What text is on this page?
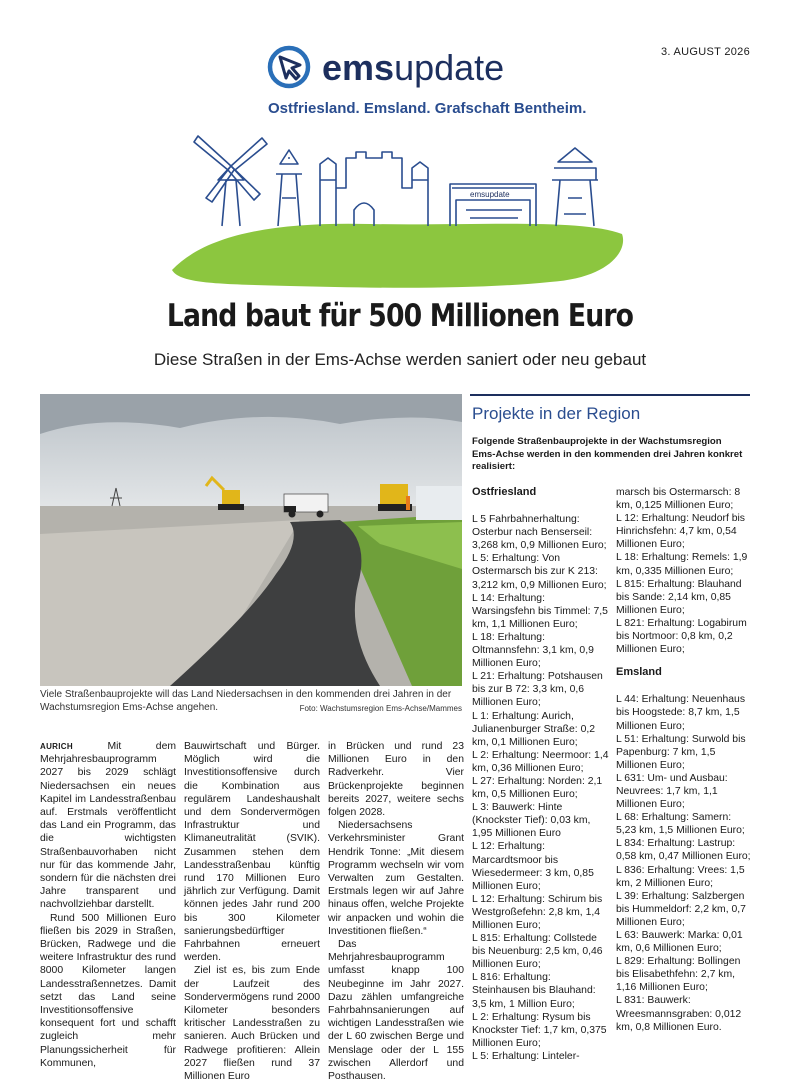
3. AUGUST 2026
emsupdate
Ostfriesland. Emsland. Grafschaft Bentheim.
emsupdate
Land baut für 500 Millionen Euro
Diese Straßen in der Ems-Achse werden saniert oder neu gebaut
Viele Straßenbauprojekte will das Land Niedersachsen in den kommenden drei Jahren in der Wachstumsregion Ems-Achse angehen.	Foto: Wachstumsregion Ems-Achse/Mammes

AURICH	Mit dem Mehrjahresbauprogramm 2027 bis 2029 schlägt Niedersachsen ein neues Kapitel im Landesstraßenbau auf. Erstmals veröffentlicht das Land ein Programm, das die wichtigsten Straßenbauvorhaben nicht nur für das kommende Jahr, sondern für die nächsten drei Jahre transparent und nachvollziehbar darstellt.

Rund 500 Millionen Euro fließen bis 2029 in Straßen, Brücken, Radwege und die weitere Infrastruktur des rund 8000 Kilometer langen Landesstraßennetzes. Damit setzt das Land seine Investitionsoffensive konsequent fort und schafft zugleich mehr Planungssicherheit für Kommunen,

Bauwirtschaft und Bürger. Möglich wird die Investitionsoffensive durch die Kombination aus regulärem Landeshaushalt und dem Sondervermögen Infrastruktur und Klimaneutralität (SVIK). Zusammen stehen dem Landesstraßenbau künftig rund 170 Millionen Euro jährlich zur Verfügung. Damit können jedes Jahr rund 200 bis 300 Kilometer sanierungsbedürftiger Fahrbahnen erneuert werden.

Ziel ist es, bis zum Ende der Laufzeit des Sondervermögens rund 2000 Kilometer besonders kritischer Landesstraßen zu sanieren. Auch Brücken und Radwege profitieren: Allein 2027 fließen rund 37 Millionen Euro

in Brücken und rund 23 Millionen Euro in den Radverkehr. Vier Brückenprojekte beginnen bereits 2027, weitere sechs folgen 2028.

Niedersachsens Verkehrsminister Grant Hendrik Tonne: „Mit diesem Programm wechseln wir vom Verwalten zum Gestalten. Erstmals legen wir auf Jahre hinaus offen, welche Projekte wir anpacken und wohin die Investitionen fließen.“

Das Mehrjahresbauprogramm umfasst knapp 100 Neubeginne im Jahr 2027. Dazu zählen umfangreiche Fahrbahnsanierungen auf wichtigen Landesstraßen wie der L 60 zwischen Berge und Menslage oder der L 155 zwischen Allerdorf und Posthausen.

Projekte in der Region
Folgende Straßenbauprojekte in der Wachstumsregion Ems-Achse werden in den kommenden drei Jahren konkret realisiert:
Ostfriesland
L 5 Fahrbahnerhaltung: Osterbur nach Benserseil: 3,268 km, 0,9 Millionen Euro;
L 5: Erhaltung: Von Ostermarsch bis zur K 213: 3,212 km, 0,9 Millionen Euro;
L 14: Erhaltung: Warsingsfehn bis Timmel: 7,5 km, 1,1 Millionen Euro;
L 18: Erhaltung: Oltmannsfehn: 3,1 km, 0,9 Millionen Euro;
L 21: Erhaltung: Potshausen bis zur B 72: 3,3 km, 0,6 Millionen Euro;
L 1: Erhaltung: Aurich, Julianenburger Straße: 0,2 km, 0,1 Millionen Euro;
L 2: Erhaltung: Neermoor: 1,4 km, 0,36 Millionen Euro;
L 27: Erhaltung: Norden: 2,1 km, 0,5 Millionen Euro;
L 3: Bauwerk: Hinte (Knockster Tief): 0,03 km, 1,95 Millionen Euro
L 12: Erhaltung: Marcardtsmoor bis Wiesedermeer: 3 km, 0,85 Millionen Euro;
L 12: Erhaltung: Schirum bis Westgroßefehn: 2,8 km, 1,4 Millionen Euro;
L 815: Erhaltung: Collstede bis Neuenburg: 2,5 km, 0,46 Millionen Euro;
L 816: Erhaltung: Steinhausen bis Blauhand: 3,5 km, 1 Million Euro;
L 2: Erhaltung: Rysum bis Knockster Tief: 1,7 km, 0,375 Millionen Euro;
L 5: Erhaltung: Linteler-
marsch bis Ostermarsch: 8 km, 0,125 Millionen Euro;
L 12: Erhaltung: Neudorf bis Hinrichsfehn: 4,7 km, 0,54 Millionen Euro;
L 18: Erhaltung: Remels: 1,9 km, 0,335 Millionen Euro;
L 815: Erhaltung: Blauhand bis Sande: 2,14 km, 0,85 Millionen Euro;
L 821: Erhaltung: Logabirum bis Nortmoor: 0,8 km, 0,2 Millionen Euro;
Emsland
L 44: Erhaltung: Neuenhaus bis Hoogstede: 8,7 km, 1,5 Millionen Euro;
L 51: Erhaltung: Surwold bis Papenburg: 7 km, 1,5 Millionen Euro;
L 631: Um- und Ausbau: Neuvrees: 1,7 km, 1,1 Millionen Euro;
L 68: Erhaltung: Samern: 5,23 km, 1,5 Millionen Euro;
L 834: Erhaltung: Lastrup: 0,58 km, 0,47 Millionen Euro;
L 836: Erhaltung: Vrees: 1,5 km, 2 Millionen Euro;
L 39: Erhaltung: Salzbergen bis Hummeldorf: 2,2 km, 0,7 Millionen Euro;
L 63: Bauwerk: Marka: 0,01 km, 0,6 Millionen Euro;
L 829: Erhaltung: Bollingen bis Elisabethfehn: 2,7 km, 1,16 Millionen Euro;
L 831: Bauwerk: Wreesmannsgraben: 0,012 km, 0,8 Millionen Euro.
